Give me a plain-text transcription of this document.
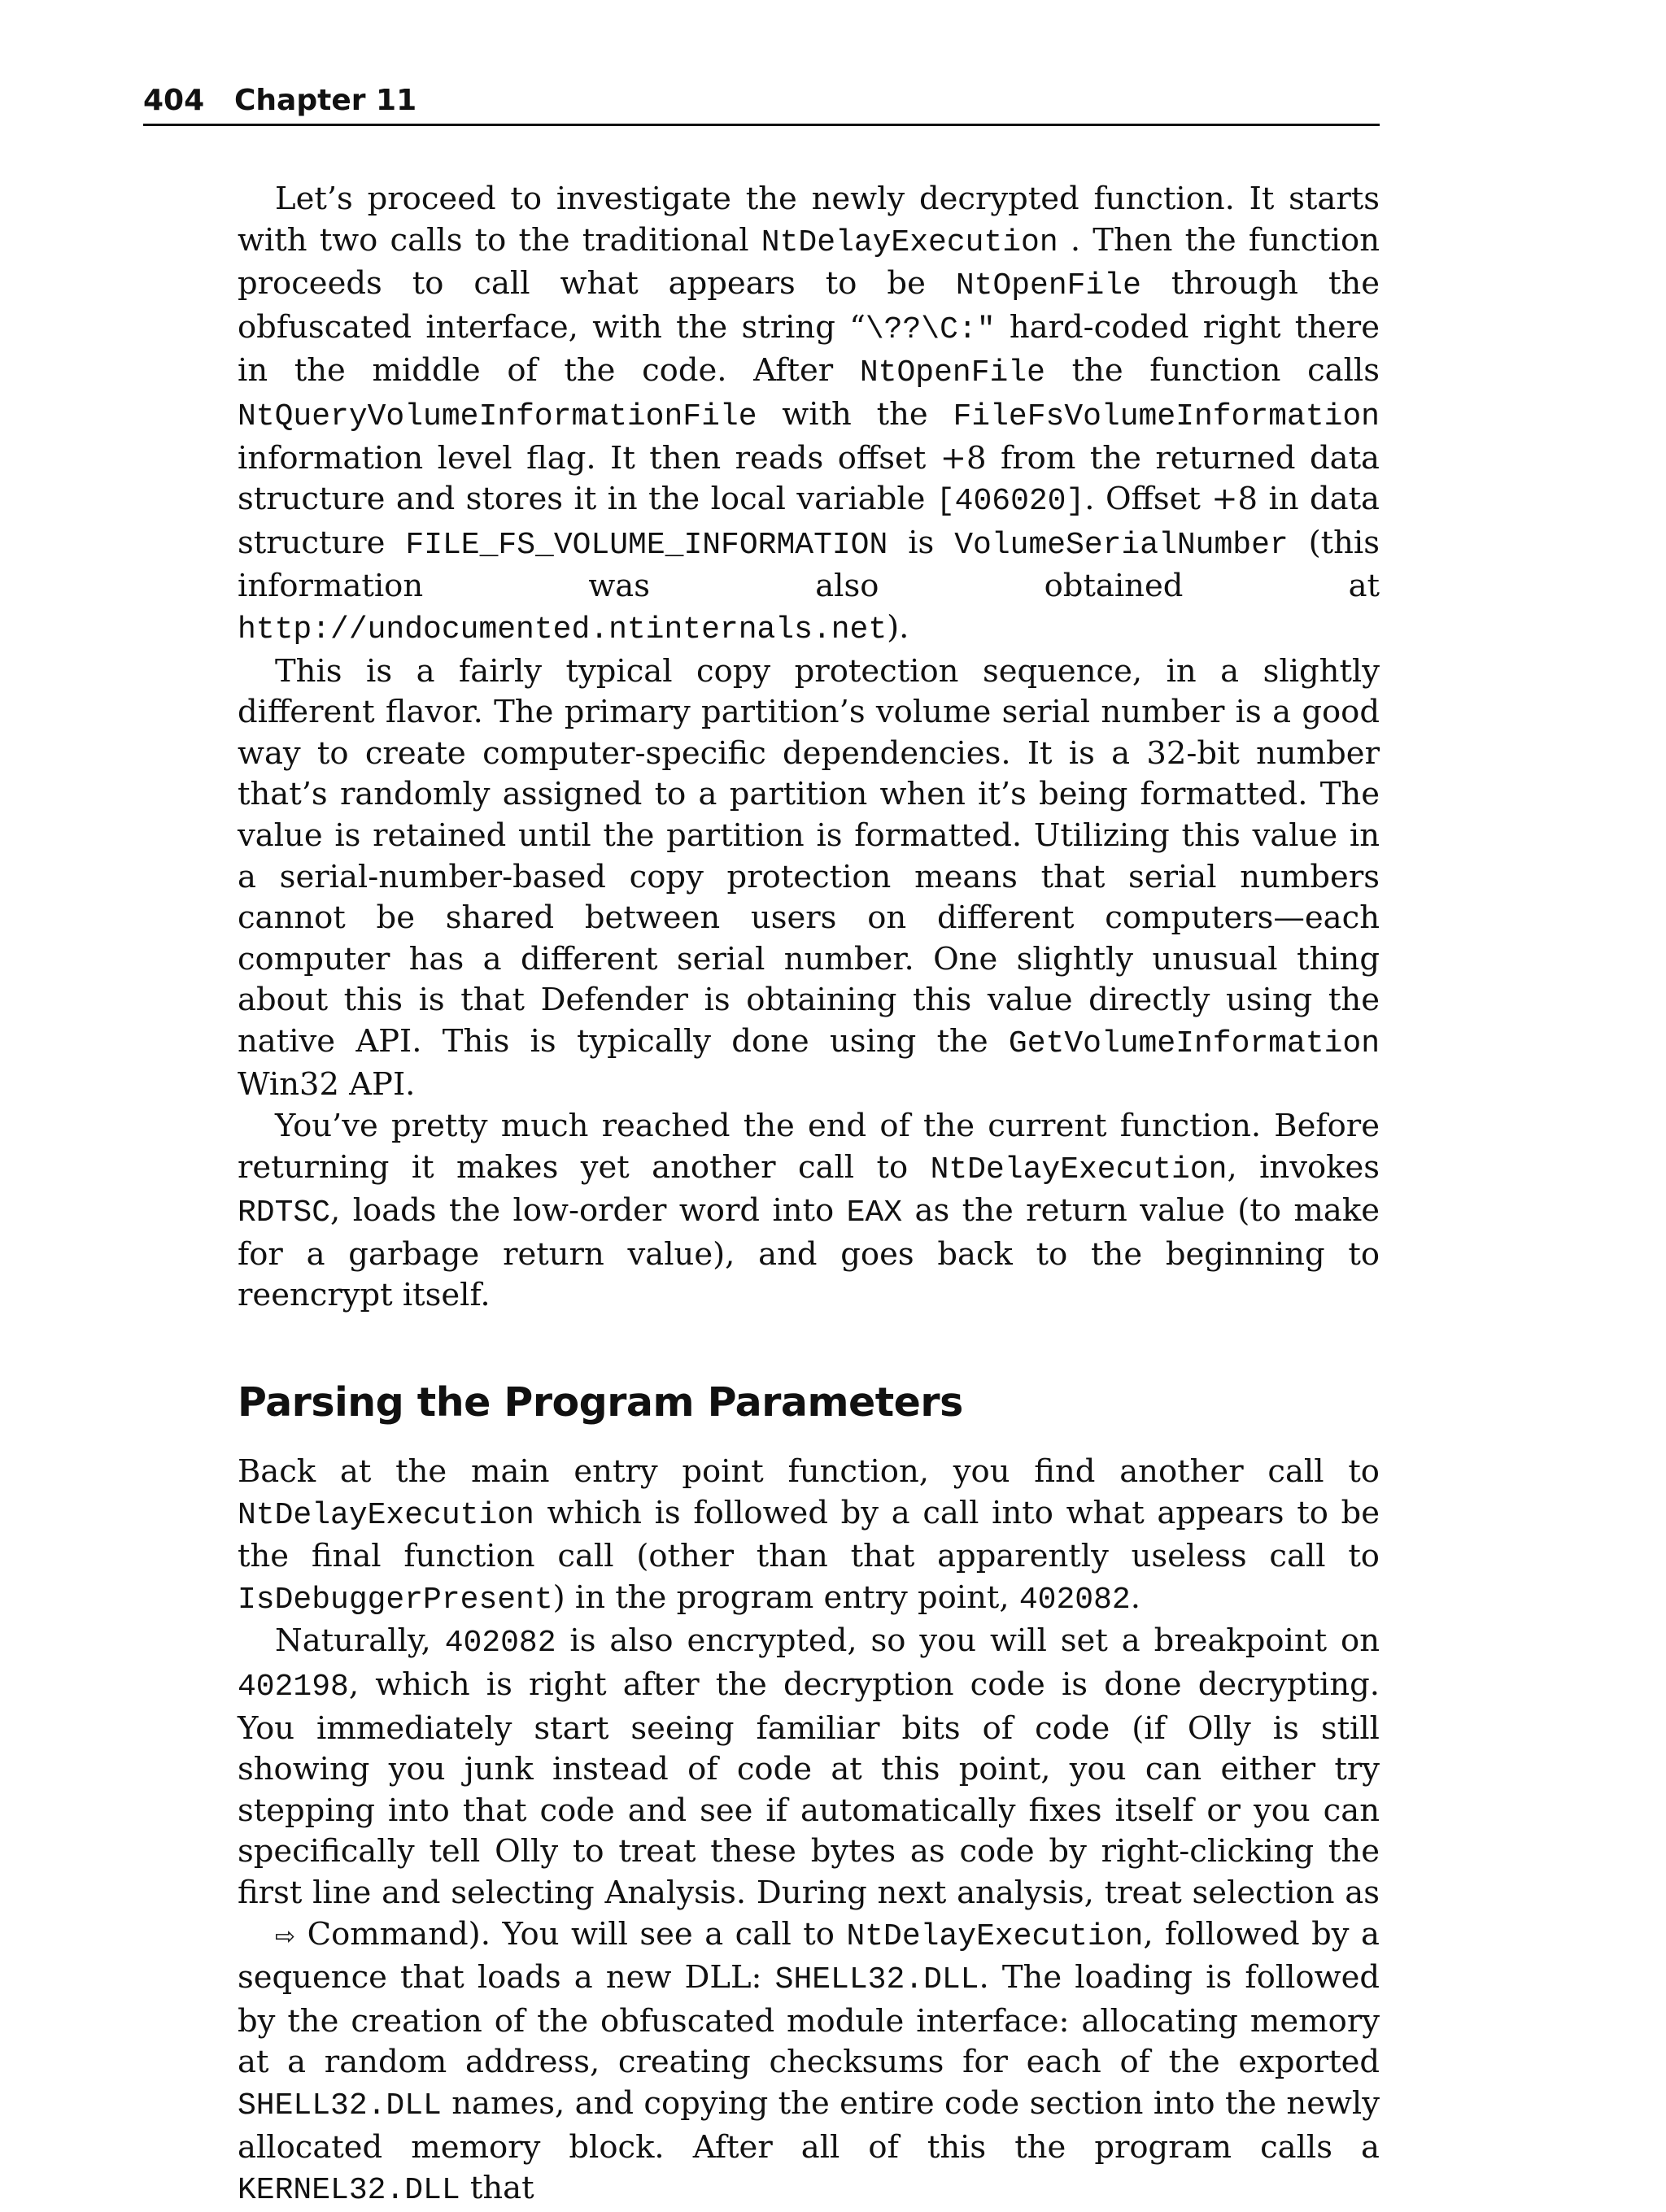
404 Chapter 11

Let’s proceed to investigate the newly decrypted function. It starts with two calls to the traditional NtDelayExecution . Then the function proceeds to call what appears to be NtOpenFile through the obfuscated interface, with the string “\??\C:" hard-coded right there in the middle of the code. After NtOpenFile the function calls NtQueryVolumeInformationFile with the FileFsVolumeInformation information level flag. It then reads offset +8 from the returned data structure and stores it in the local variable [406020]. Offset +8 in data structure FILE_FS_VOLUME_INFORMATION is VolumeSerialNumber (this information was also obtained at http://undocumented.ntinternals.net).

This is a fairly typical copy protection sequence, in a slightly different flavor. The primary partition’s volume serial number is a good way to create computer-specific dependencies. It is a 32-bit number that’s randomly assigned to a partition when it’s being formatted. The value is retained until the partition is formatted. Utilizing this value in a serial-number-based copy protection means that serial numbers cannot be shared between users on different computers—each computer has a different serial number. One slightly unusual thing about this is that Defender is obtaining this value directly using the native API. This is typically done using the GetVolumeInformation Win32 API.

You’ve pretty much reached the end of the current function. Before returning it makes yet another call to NtDelayExecution, invokes RDTSC, loads the low-order word into EAX as the return value (to make for a garbage return value), and goes back to the beginning to reencrypt itself.

Parsing the Program Parameters

Back at the main entry point function, you find another call to NtDelayExecution which is followed by a call into what appears to be the final function call (other than that apparently useless call to IsDebuggerPresent) in the program entry point, 402082.

Naturally, 402082 is also encrypted, so you will set a breakpoint on 402198, which is right after the decryption code is done decrypting. You immediately start seeing familiar bits of code (if Olly is still showing you junk instead of code at this point, you can either try stepping into that code and see if automatically fixes itself or you can specifically tell Olly to treat these bytes as code by right-clicking the first line and selecting Analysis. During next analysis, treat selection as ⇨ Command). You will see a call to NtDelayExecution, followed by a sequence that loads a new DLL: SHELL32.DLL. The loading is followed by the creation of the obfuscated module interface: allocating memory at a random address, creating checksums for each of the exported SHELL32.DLL names, and copying the entire code section into the newly allocated memory block. After all of this the program calls a KERNEL32.DLL that
